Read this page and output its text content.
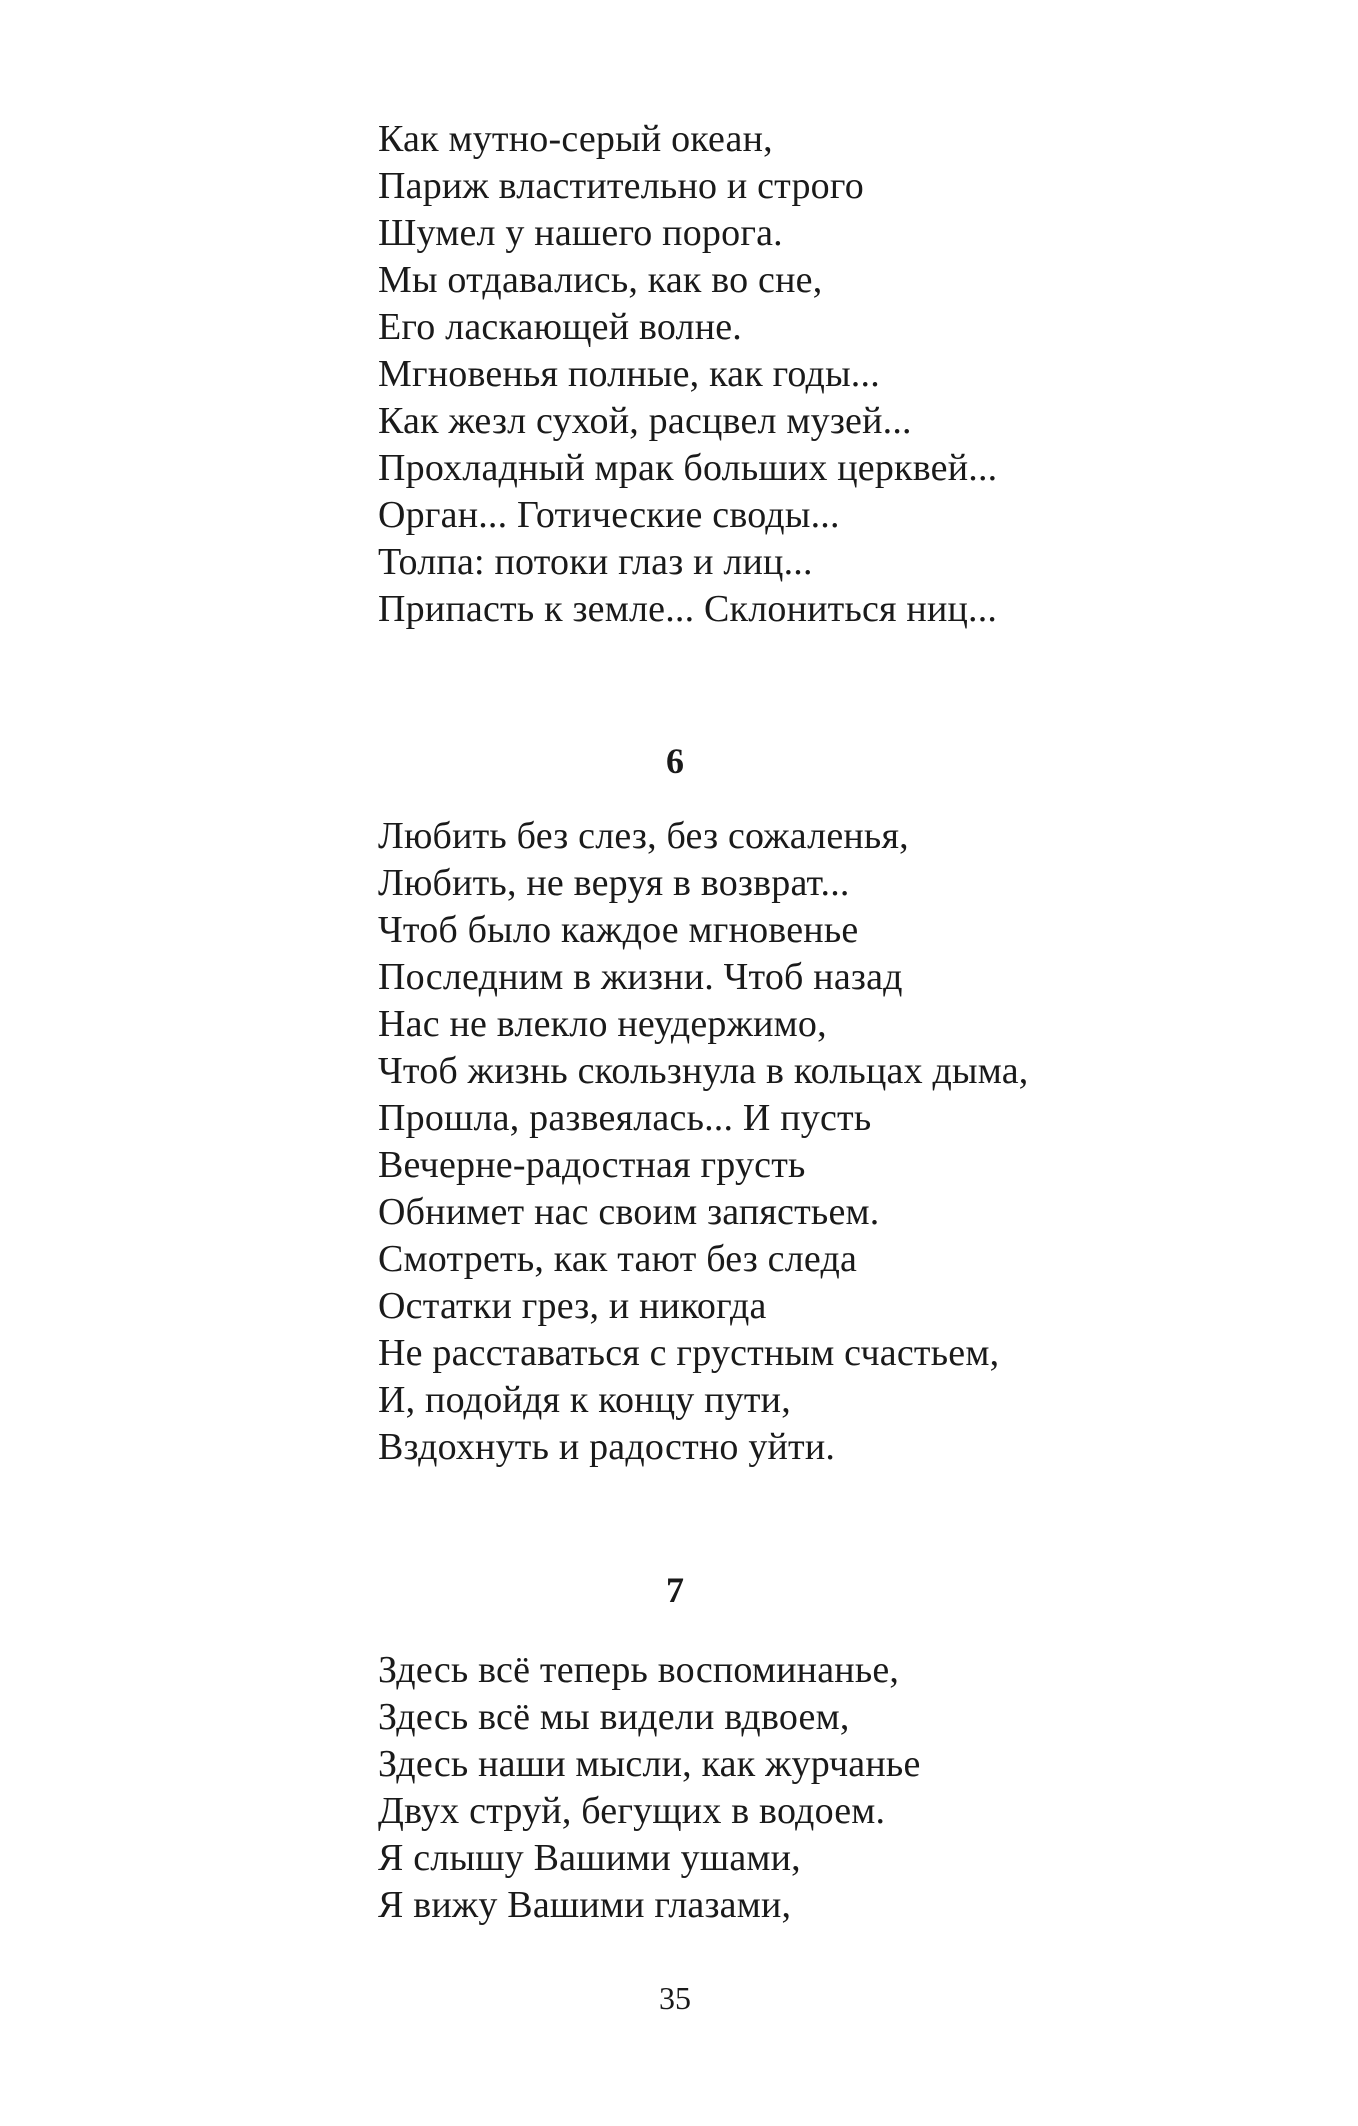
Как мутно-серый океан,
Париж властительно и строго
Шумел у нашего порога.
Мы отдавались, как во сне,
Его ласкающей волне.
Мгновенья полные, как годы...
Как жезл сухой, расцвел музей...
Прохладный мрак больших церквей...
Орган... Готические своды...
Толпа: потоки глаз и лиц...
Припасть к земле... Склониться ниц...
6
Любить без слез, без сожаленья,
Любить, не веруя в возврат...
Чтоб было каждое мгновенье
Последним в жизни. Чтоб назад
Нас не влекло неудержимо,
Чтоб жизнь скользнула в кольцах дыма,
Прошла, развеялась... И пусть
Вечерне-радостная грусть
Обнимет нас своим запястьем.
Смотреть, как тают без следа
Остатки грез, и никогда
Не расставаться с грустным счастьем,
И, подойдя к концу пути,
Вздохнуть и радостно уйти.
7
Здесь всё теперь воспоминанье,
Здесь всё мы видели вдвоем,
Здесь наши мысли, как журчанье
Двух струй, бегущих в водоем.
Я слышу Вашими ушами,
Я вижу Вашими глазами,
35
